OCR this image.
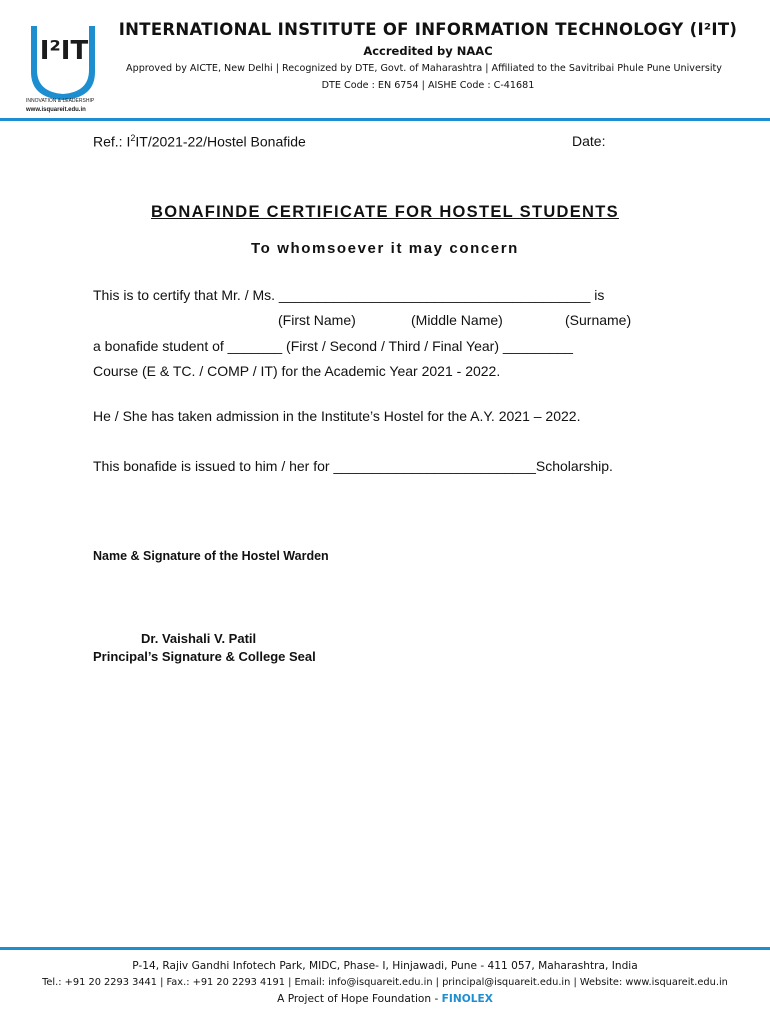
I²IT
INNOVATION & LEADERSHIP
www.isquareit.edu.in
INTERNATIONAL INSTITUTE OF INFORMATION TECHNOLOGY (I²IT)
Accredited by NAAC
Approved by AICTE, New Delhi | Recognized by DTE, Govt. of Maharashtra | Affiliated to the Savitribai Phule Pune University
DTE Code : EN 6754 | AISHE Code : C-41681
Ref.: $I^2IT/2021-22$/Hostel Bonafide	Date:
BONAFINDE CERTIFICATE FOR HOSTEL STUDENTS
To whomsoever it may concern
This is to certify that Mr. / Ms. ________________________________________ is
(First Name)	(Middle Name)	(Surname)
a bonafide student of _______ (First / Second / Third / Final Year) _________
Course (E & TC. / COMP / IT) for the Academic Year 2021 - 2022.
He / She has taken admission in the Institute’s Hostel for the A.Y. 2021 – 2022.
This bonafide is issued to him / her for __________________________Scholarship.
Name & Signature of the Hostel Warden
Dr. Vaishali V. Patil
Principal’s Signature & College Seal
P-14, Rajiv Gandhi Infotech Park, MIDC, Phase- I, Hinjawadi, Pune - 411 057, Maharashtra, India
Tel.: +91 20 2293 3441 | Fax.: +91 20 2293 4191 | Email: info@isquareit.edu.in | principal@isquareit.edu.in | Website: www.isquareit.edu.in
A Project of Hope Foundation - FINOLEX
